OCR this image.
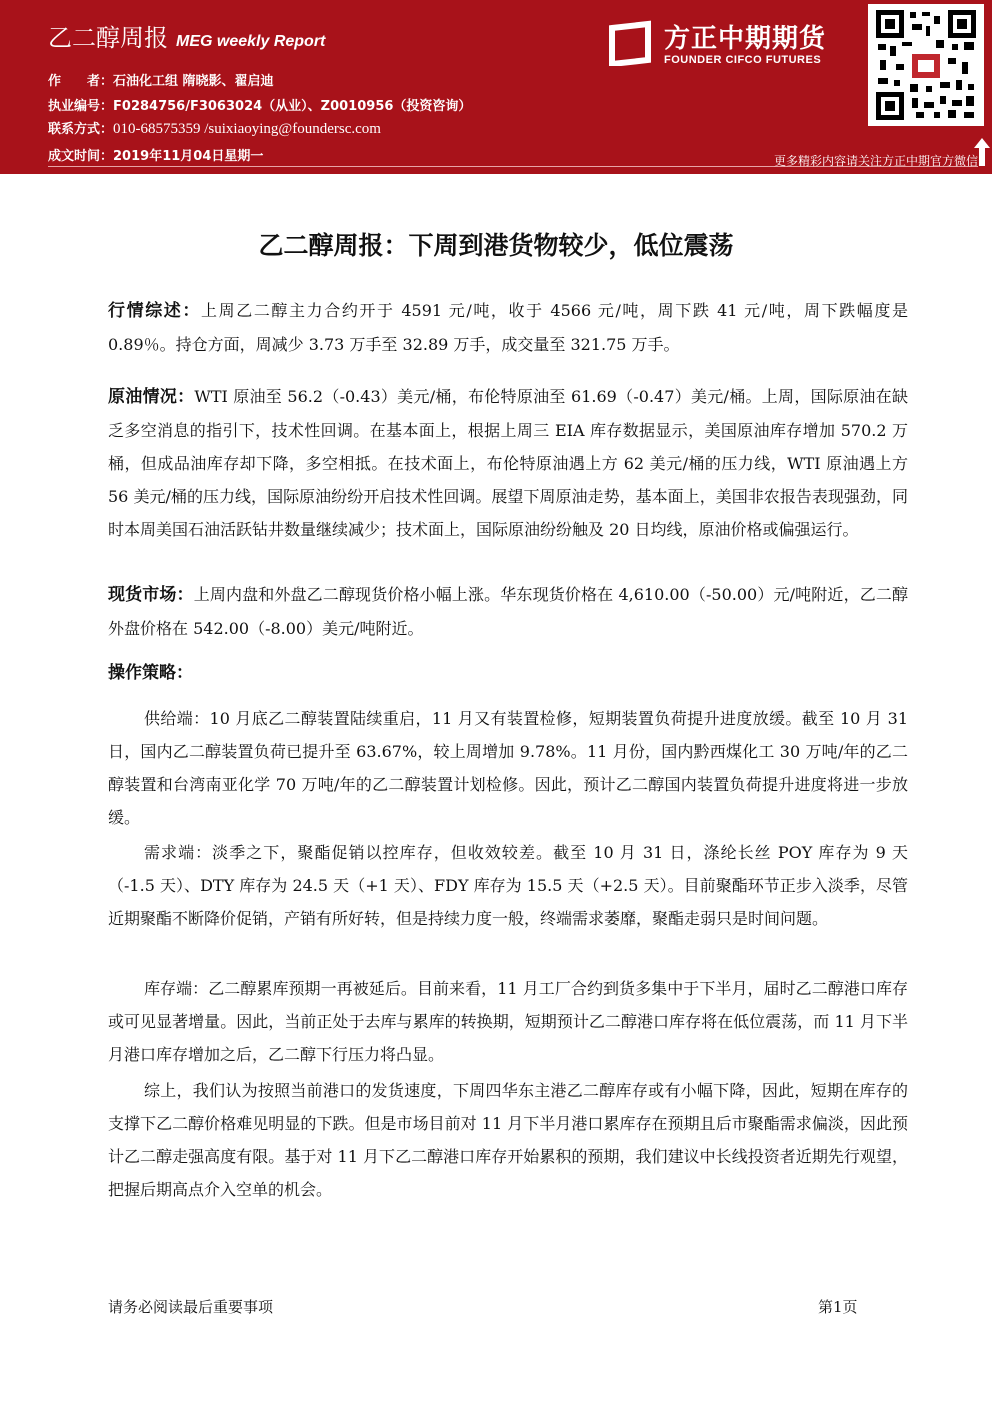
乙二醇周报 MEG weekly Report
作　　者：石油化工组 隋晓影、翟启迪
执业编号：F0284756/F3063024（从业）、Z0010956（投资咨询）
联系方式：010-68575359 /suixiaoying@foundersc.com
成文时间：2019年11月04日星期一
方正中期期货
FOUNDER CIFCO FUTURES
更多精彩内容请关注方正中期官方微信
乙二醇周报：下周到港货物较少，低位震荡

行情综述：上周乙二醇主力合约开于 4591 元/吨，收于 4566 元/吨，周下跌 41 元/吨，周下跌幅度是 0.89％。持仓方面，周减少 3.73 万手至 32.89 万手，成交量至 321.75 万手。

原油情况：WTI 原油至 56.2（-0.43）美元/桶，布伦特原油至 61.69（-0.47）美元/桶。上周，国际原油在缺乏多空消息的指引下，技术性回调。在基本面上，根据上周三 EIA 库存数据显示，美国原油库存增加 570.2 万桶，但成品油库存却下降，多空相抵。在技术面上，布伦特原油遇上方 62 美元/桶的压力线，WTI 原油遇上方 56 美元/桶的压力线，国际原油纷纷开启技术性回调。展望下周原油走势，基本面上，美国非农报告表现强劲，同时本周美国石油活跃钻井数量继续减少；技术面上，国际原油纷纷触及 20 日均线，原油价格或偏强运行。

现货市场：上周内盘和外盘乙二醇现货价格小幅上涨。华东现货价格在 4,610.00（-50.00）元/吨附近，乙二醇外盘价格在 542.00（-8.00）美元/吨附近。

操作策略：

供给端：10 月底乙二醇装置陆续重启，11 月又有装置检修，短期装置负荷提升进度放缓。截至 10 月 31 日，国内乙二醇装置负荷已提升至 63.67%，较上周增加 9.78%。11 月份，国内黔西煤化工 30 万吨/年的乙二醇装置和台湾南亚化学 70 万吨/年的乙二醇装置计划检修。因此，预计乙二醇国内装置负荷提升进度将进一步放缓。

需求端：淡季之下，聚酯促销以控库存，但收效较差。截至 10 月 31 日，涤纶长丝 POY 库存为 9 天（-1.5 天）、DTY 库存为 24.5 天（+1 天）、FDY 库存为 15.5 天（+2.5 天）。目前聚酯环节正步入淡季，尽管近期聚酯不断降价促销，产销有所好转，但是持续力度一般，终端需求萎靡，聚酯走弱只是时间问题。

库存端：乙二醇累库预期一再被延后。目前来看，11 月工厂合约到货多集中于下半月，届时乙二醇港口库存或可见显著增量。因此，当前正处于去库与累库的转换期，短期预计乙二醇港口库存将在低位震荡，而 11 月下半月港口库存增加之后，乙二醇下行压力将凸显。

综上，我们认为按照当前港口的发货速度，下周四华东主港乙二醇库存或有小幅下降，因此，短期在库存的支撑下乙二醇价格难见明显的下跌。但是市场目前对 11 月下半月港口累库存在预期且后市聚酯需求偏淡，因此预计乙二醇走强高度有限。基于对 11 月下乙二醇港口库存开始累积的预期，我们建议中长线投资者近期先行观望，把握后期高点介入空单的机会。

请务必阅读最后重要事项	第1页
